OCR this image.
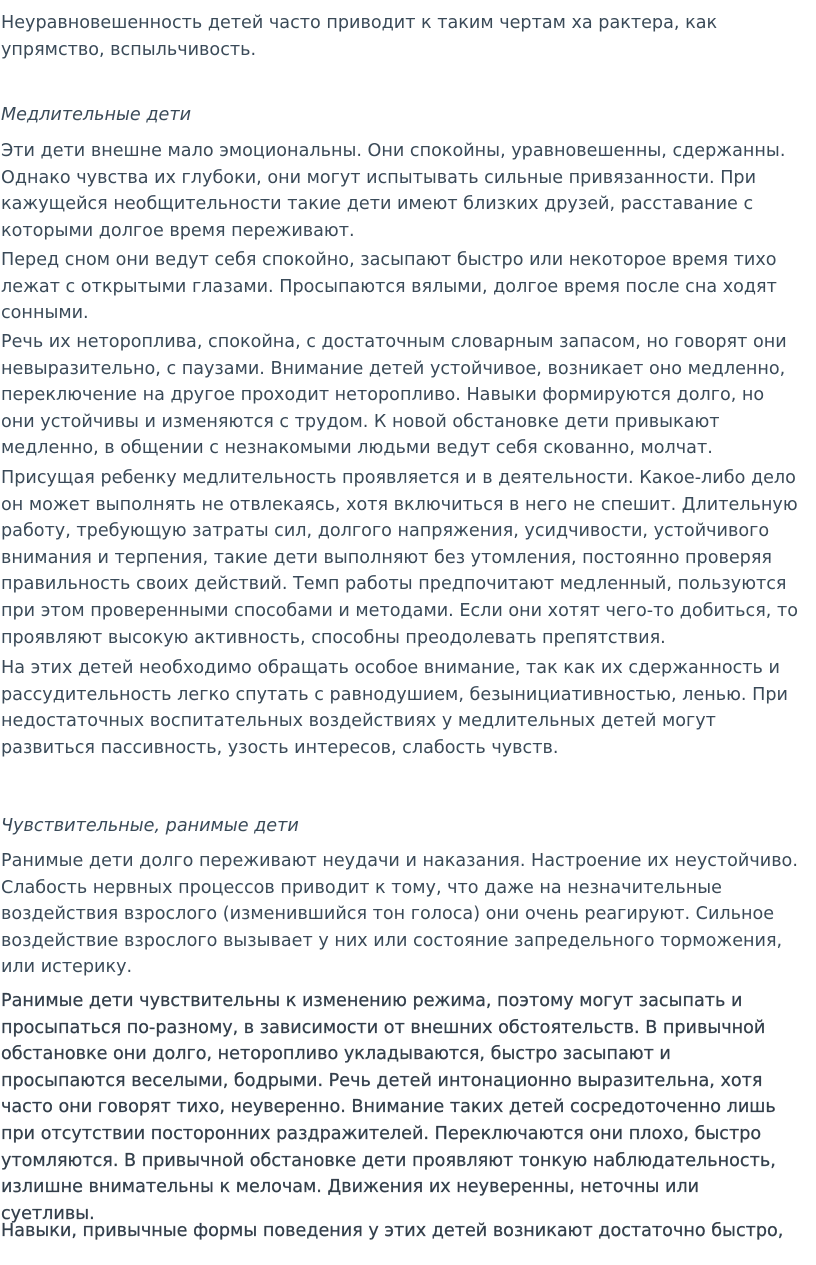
Неуравновешенность детей часто приводит к таким чертам ха рактера, как
упрямство, вспыльчивость.

Медлительные дети

Эти дети внешне мало эмоциональны. Они спокойны, уравновешенны, сдержанны.
Однако чувства их глубоки, они могут испытывать сильные привязанности. При
кажущейся необщительности такие дети имеют близких друзей, расставание с
которыми долгое время переживают.

Перед сном они ведут себя спокойно, засыпают быстро или некоторое время тихо
лежат с открытыми глазами. Просыпаются вялыми, долгое время после сна ходят
сонными.

Речь их неторопливa, спокойна, с достаточным словарным запасом, но говорят они
невыразительно, с паузами. Внимание детей устойчивое, возникает оно медленно,
переключение на другое проходит неторопливо. Навыки формируются долго, но
они устойчивы и изменяются с трудом. К новой обстановке дети привыкают
медленно, в общении с незнакомыми людьми ведут себя скованно, молчат.

Присущая ребенку медлительность проявляется и в деятельности. Какое-либо дело
он может выполнять не отвлекаясь, хотя включиться в него не спешит. Длительную
работу, требующую затраты сил, долгого напряжения, усидчивости, устойчивого
внимания и терпения, такие дети выполняют без утомления, постоянно проверяя
правильность своих действий. Темп работы предпочитают медленный, пользуются
при этом проверенными способами и методами. Если они хотят чего-то добиться, то
проявляют высокую активность, способны преодолевать препятствия.

На этих детей необходимо обращать особое внимание, так как их сдержанность и
рассудительность легко спутать с равнодушием, безынициативностью, ленью. При
недостаточных воспитательных воздействиях у медлительных детей могут
развиться пассивность, узость интересов, слабость чувств.

Чувствительные, ранимые дети

Ранимые дети долго переживают неудачи и наказания. Настроение их неустойчиво.
Слабость нервных процессов приводит к тому, что даже на незначительные
воздействия взрослого (изменившийся тон голоса) они очень реагируют. Сильное
воздействие взрослого вызывает у них или состояние запредельного торможения,
или истерику.

Ранимые дети чувствительны к изменению режима, поэтому могут засыпать и
просыпаться по-разному, в зависимости от внешних обстоятельств. В привычной
обстановке они долго, неторопливо укладываются, быстро засыпают и
просыпаются веселыми, бодрыми. Речь детей интонационно выразительна, хотя
часто они говорят тихо, неуверенно. Внимание таких детей сосредоточенно лишь
при отсутствии посторонних раздражителей. Переключаются они плохо, быстро
утомляются. В привычной обстановке дети проявляют тонкую наблюдательность,
излишне внимательны к мелочам. Движения их неуверенны, неточны или
суетливы.

Навыки, привычные формы поведения у этих детей возникают достаточно быстро,
